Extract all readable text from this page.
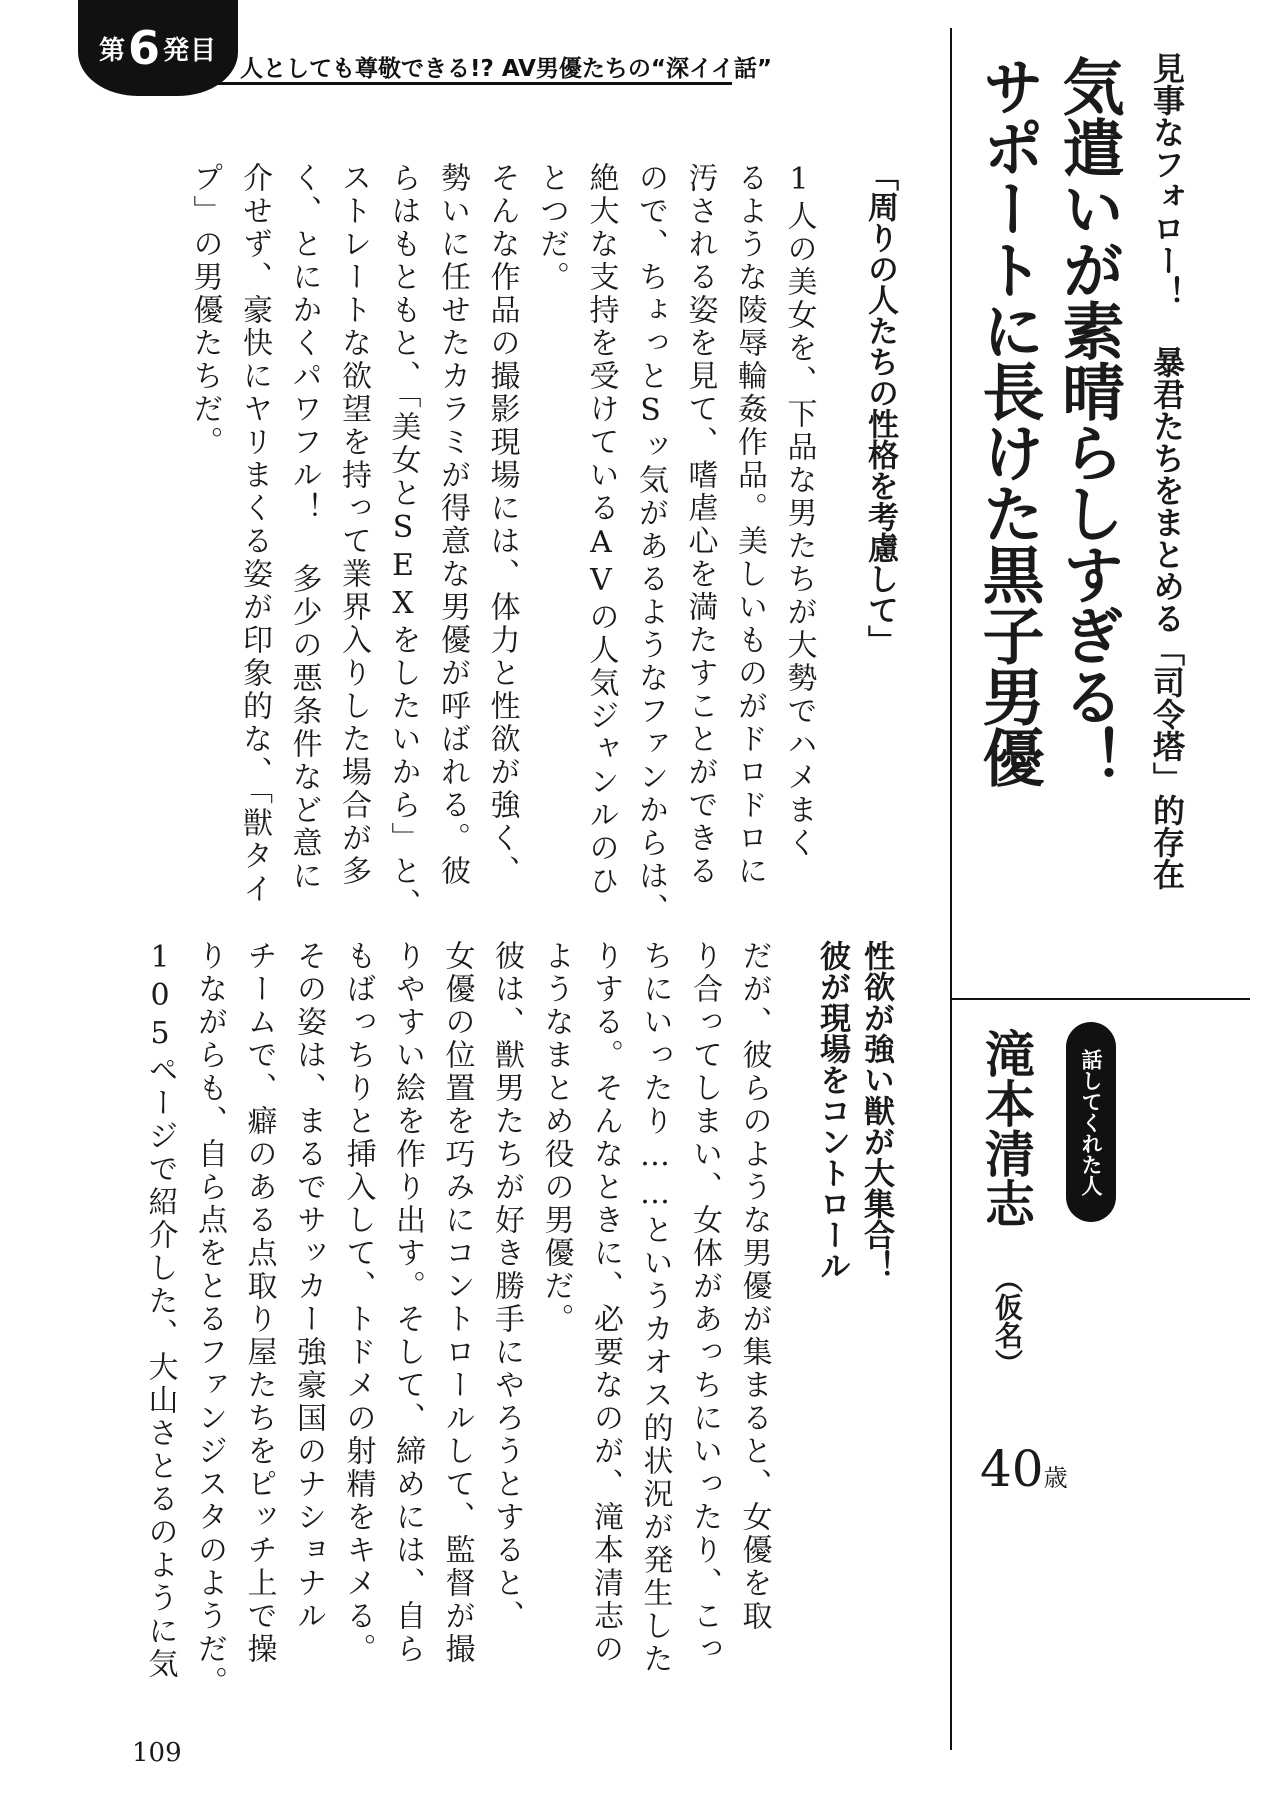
第 6 発目
人としても尊敬できる!? AV男優たちの“深イイ話”	見事なフォロー！ 暴君たちをまとめる「司令塔」的存在
気遣いが素晴らしすぎる！
サポートに長けた黒子男優
話してくれた人
滝本清志
（仮名）
40歳
「周りの人たちの性格を考慮して」
1人の美女を、下品な男たちが大勢でハメまく
るような陵辱輪姦作品。美しいものがドロドロに
汚される姿を見て、嗜虐心を満たすことができる
ので、ちょっとSッ気があるようなファンからは、
絶大な支持を受けているAVの人気ジャンルのひ
とつだ。
そんな作品の撮影現場には、体力と性欲が強く、
勢いに任せたカラミが得意な男優が呼ばれる。彼
らはもともと、「美女とSEXをしたいから」と、
ストレートな欲望を持って業界入りした場合が多
く、とにかくパワフル！ 多少の悪条件など意に
介せず、豪快にヤリまくる姿が印象的な、「獣タイ
プ」の男優たちだ。
性欲が強い獣が大集合！
彼が現場をコントロール
だが、彼らのような男優が集まると、女優を取
り合ってしまい、女体があっちにいったり、こっ
ちにいったり……というカオス的状況が発生した
りする。そんなときに、必要なのが、滝本清志の
ようなまとめ役の男優だ。
彼は、獣男たちが好き勝手にやろうとすると、
女優の位置を巧みにコントロールして、監督が撮
りやすい絵を作り出す。そして、締めには、自ら
もばっちりと挿入して、トドメの射精をキメる。
その姿は、まるでサッカー強豪国のナショナル
チームで、癖のある点取り屋たちをピッチ上で操
りながらも、自ら点をとるファンジスタのようだ。
105ページで紹介した、大山さとるのように気
109
